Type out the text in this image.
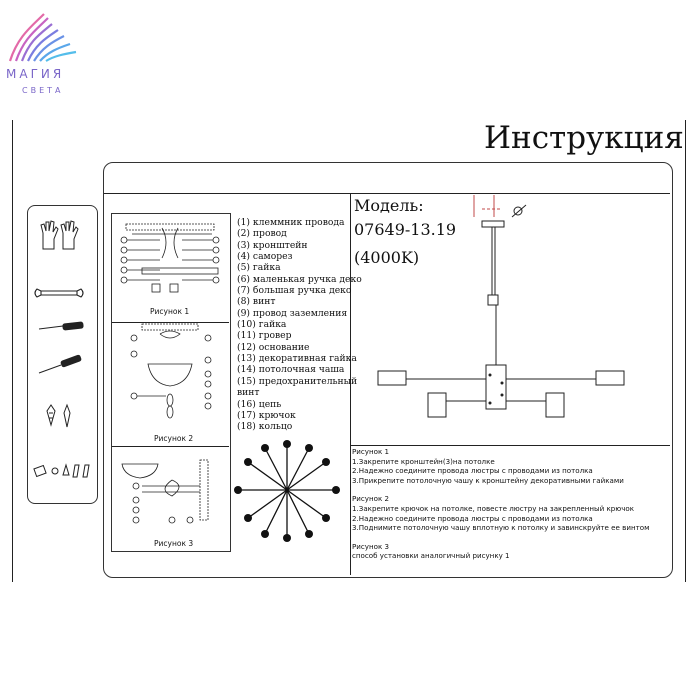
МАГИЯ
СВЕТА
Инструкция
Рисунок 1
Рисунок 2
Рисунок 3
(1) клеммник провода
(2) провод
(3) кронштейн
(4) саморез
(5) гайка
(6) маленькая ручка деко
(7) большая ручка деко
(8) винт
(9) провод заземления
(10) гайка
(11) гровер
(12) основание
(13) декоративная гайка
(14) потолочная чаша
(15) предохранительный
винт
(16) цепь
(17) крючок
(18) кольцо
Модель:
07649-13.19
(4000K)
Рисунок 1
1.Закрепите кронштейн(3)на потолке
2.Надежно соедините провода люстры с проводами из потолка
3.Прикрепите потолочную чашу к кронштейну декоративными гайками
Рисунок 2
1.Закрепите крючок на потолке, повесте люстру на закрепленный крючок
2.Надежно соедините провода люстры с проводами из потолка
3.Поднимите потолочную чашу вплотную к потолку и завинскруйте ее винтом
Рисунок 3
способ установки аналогичный рисунку 1
